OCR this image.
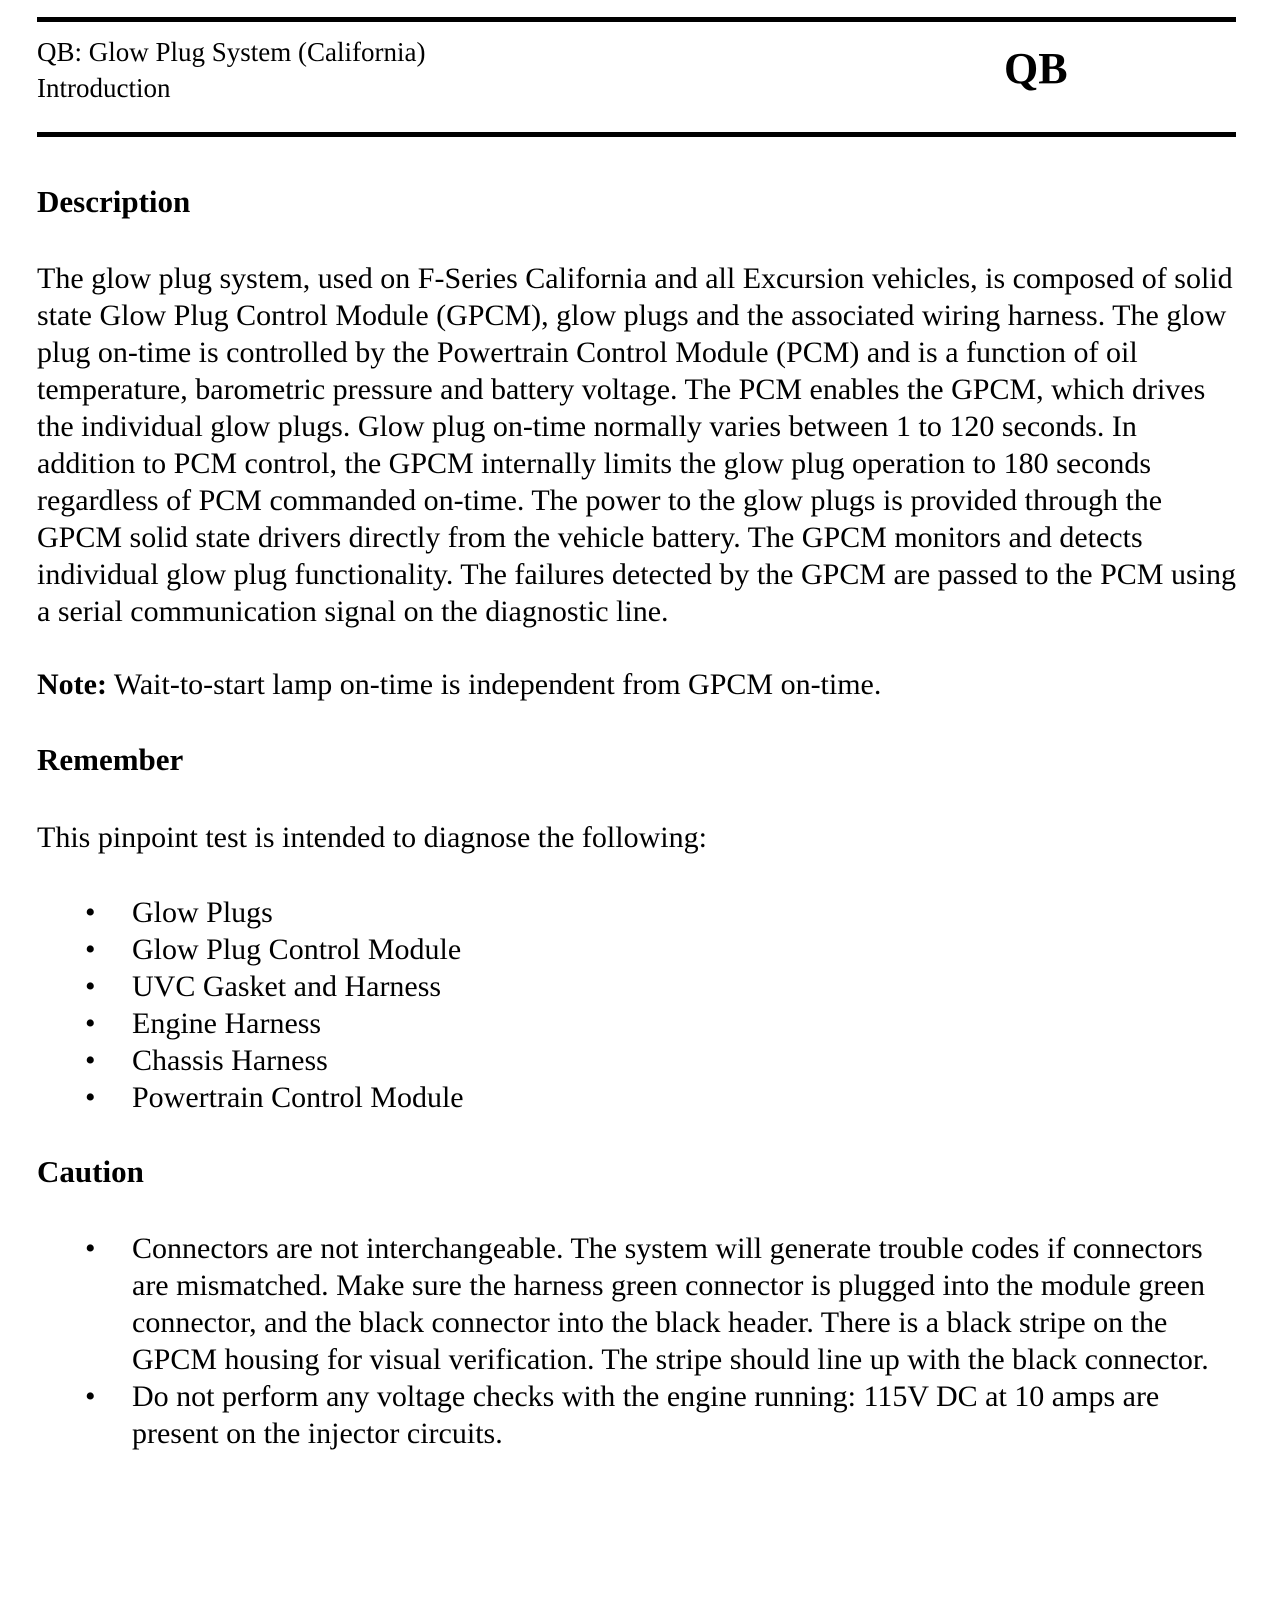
QB: Glow Plug System (California)
Introduction	QB
Description

The glow plug system, used on F-Series California and all Excursion vehicles, is composed of solid state Glow Plug Control Module (GPCM), glow plugs and the associated wiring harness. The glow plug on-time is controlled by the Powertrain Control Module (PCM) and is a function of oil temperature, barometric pressure and battery voltage. The PCM enables the GPCM, which drives the individual glow plugs. Glow plug on-time normally varies between 1 to 120 seconds. In addition to PCM control, the GPCM internally limits the glow plug operation to 180 seconds regardless of PCM commanded on-time. The power to the glow plugs is provided through the GPCM solid state drivers directly from the vehicle battery. The GPCM monitors and detects individual glow plug functionality. The failures detected by the GPCM are passed to the PCM using a serial communication signal on the diagnostic line.

Note: Wait-to-start lamp on-time is independent from GPCM on-time.

Remember

This pinpoint test is intended to diagnose the following:

• Glow Plugs
• Glow Plug Control Module
• UVC Gasket and Harness
• Engine Harness
• Chassis Harness
• Powertrain Control Module
Caution
• Connectors are not interchangeable. The system will generate trouble codes if connectors are mismatched. Make sure the harness green connector is plugged into the module green connector, and the black connector into the black header. There is a black stripe on the GPCM housing for visual verification. The stripe should line up with the black connector.
• Do not perform any voltage checks with the engine running: 115V DC at 10 amps are present on the injector circuits.
